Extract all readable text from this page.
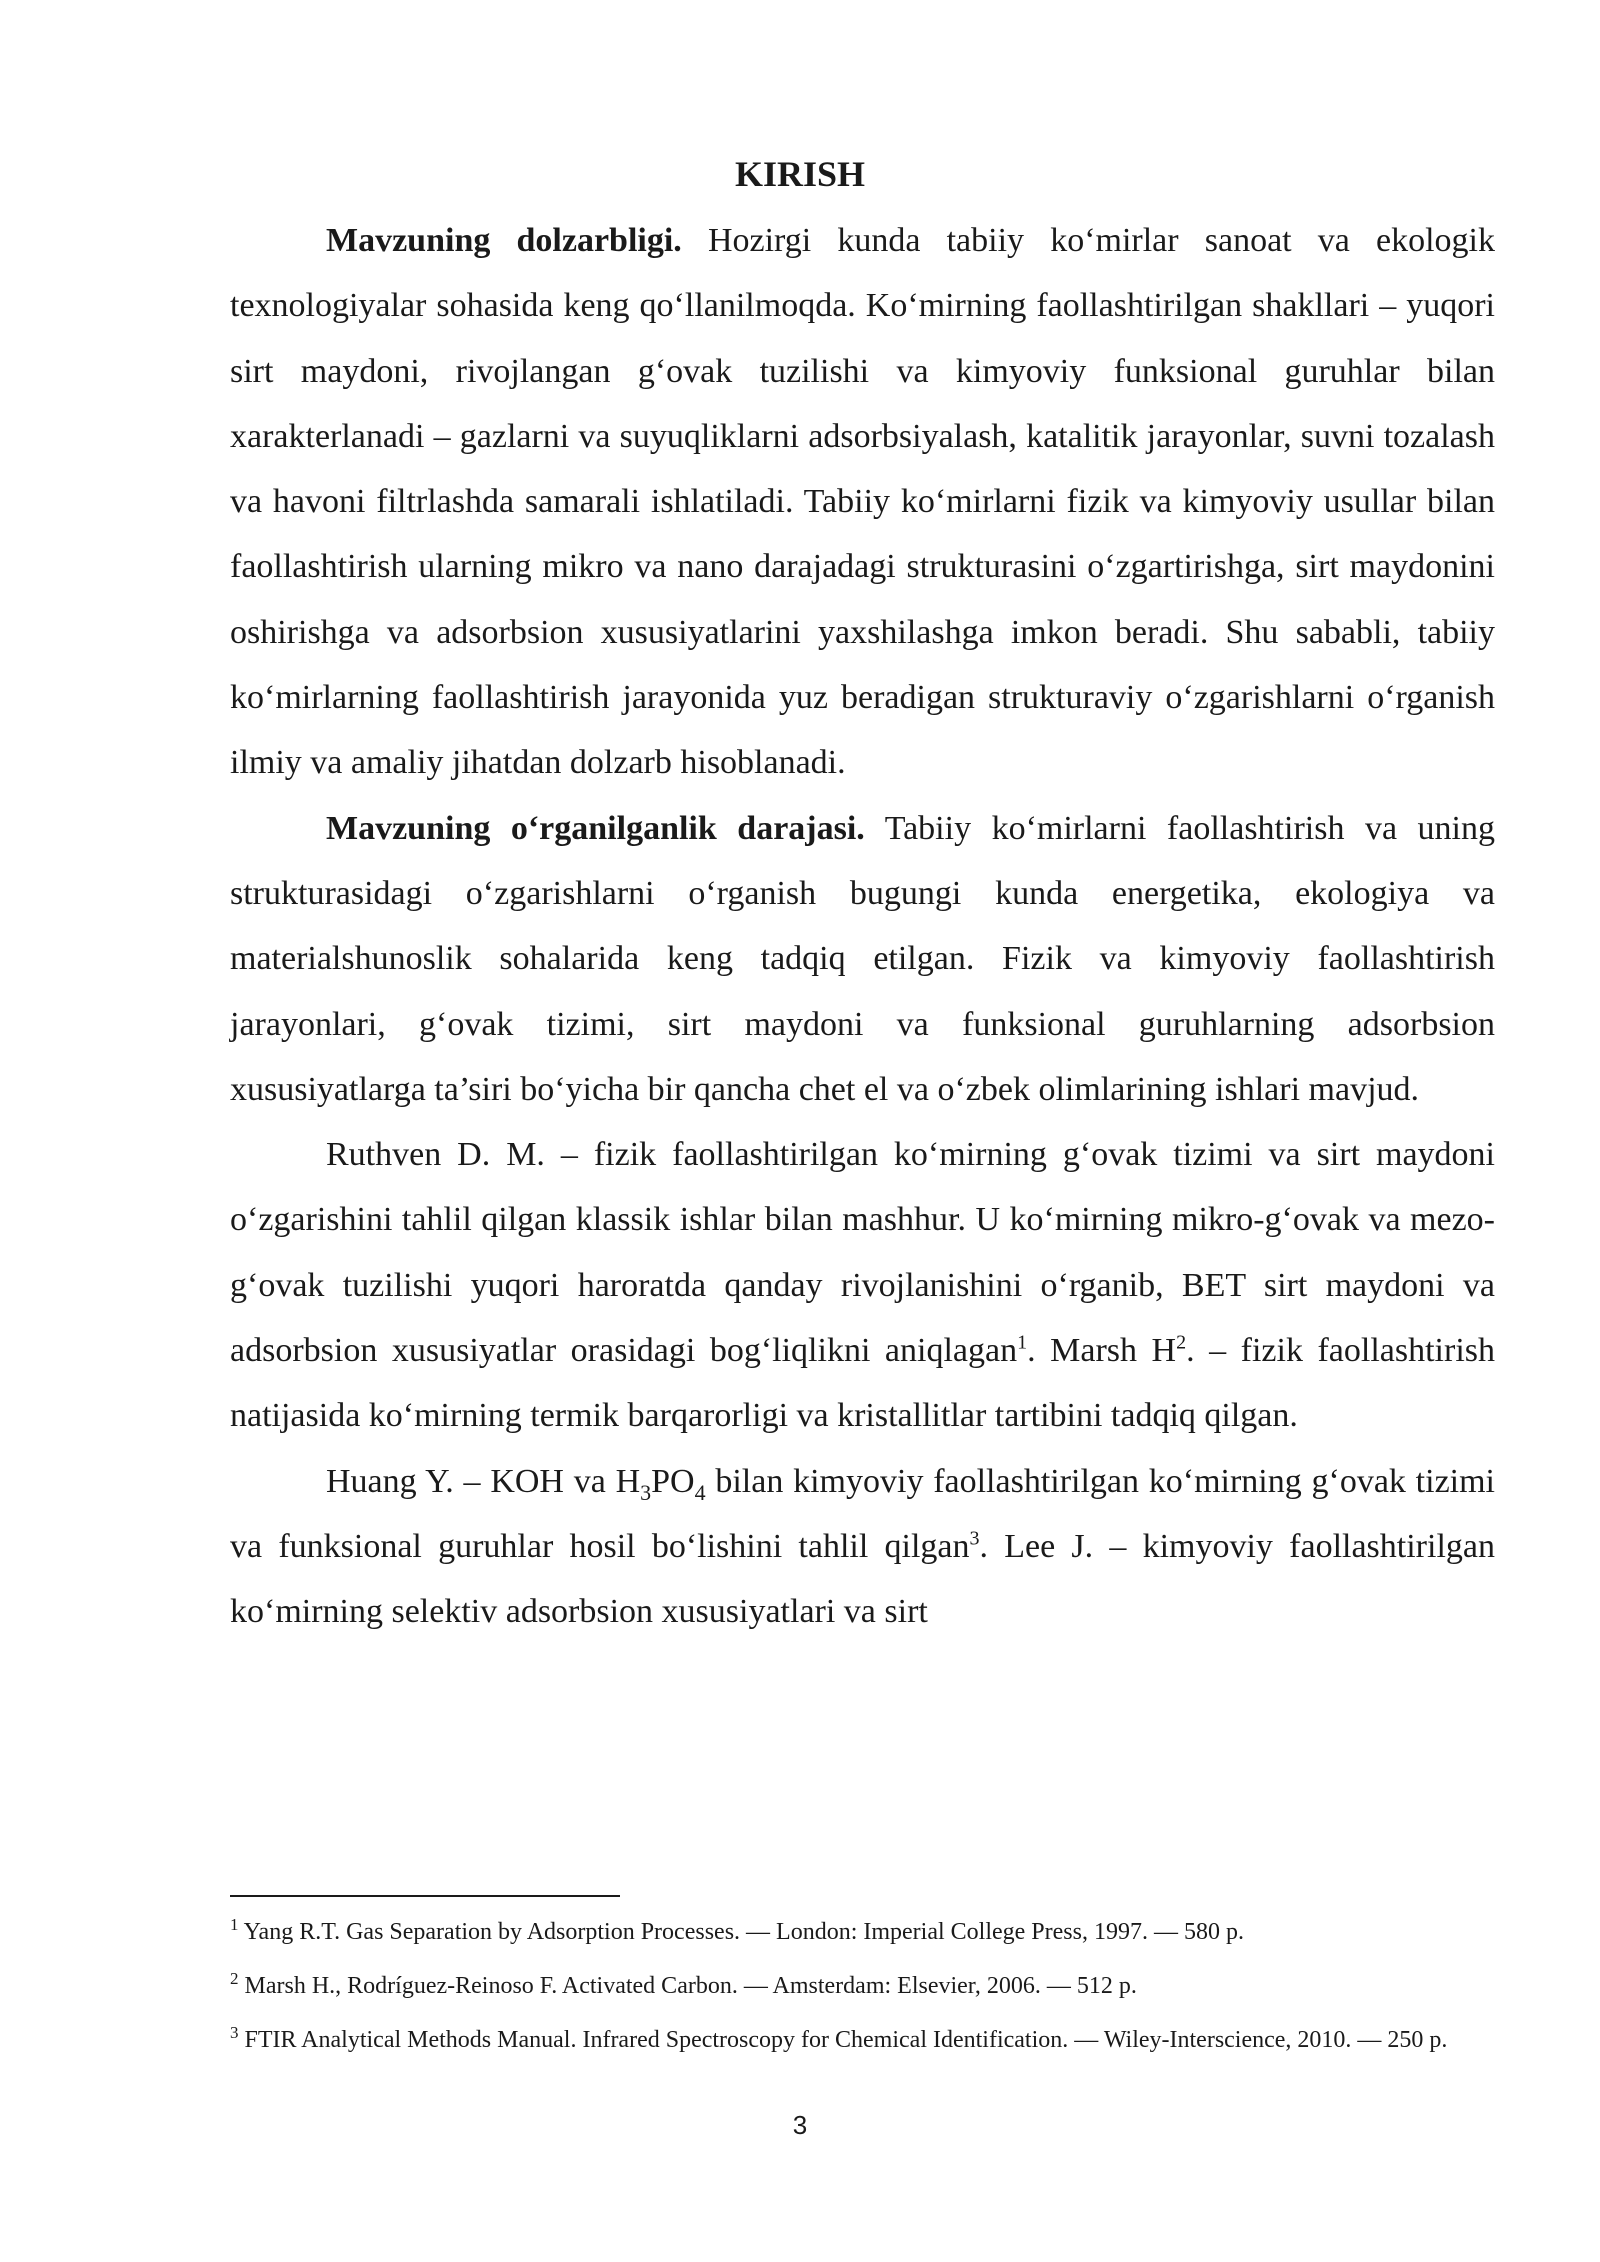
KIRISH

Mavzuning dolzarbligi. Hozirgi kunda tabiiy ko‘mirlar sanoat va ekologik texnologiyalar sohasida keng qo‘llanilmoqda. Ko‘mirning faollashtirilgan shakllari – yuqori sirt maydoni, rivojlangan g‘ovak tuzilishi va kimyoviy funksional guruhlar bilan xarakterlanadi – gazlarni va suyuqliklarni adsorbsiyalash, katalitik jarayonlar, suvni tozalash va havoni filtrlashda samarali ishlatiladi. Tabiiy ko‘mirlarni fizik va kimyoviy usullar bilan faollashtirish ularning mikro va nano darajadagi strukturasini o‘zgartirishga, sirt maydonini oshirishga va adsorbsion xususiyatlarini yaxshilashga imkon beradi. Shu sababli, tabiiy ko‘mirlarning faollashtirish jarayonida yuz beradigan strukturaviy o‘zgarishlarni o‘rganish ilmiy va amaliy jihatdan dolzarb hisoblanadi.

Mavzuning o‘rganilganlik darajasi. Tabiiy ko‘mirlarni faollashtirish va uning strukturasidagi o‘zgarishlarni o‘rganish bugungi kunda energetika, ekologiya va materialshunoslik sohalarida keng tadqiq etilgan. Fizik va kimyoviy faollashtirish jarayonlari, g‘ovak tizimi, sirt maydoni va funksional guruhlarning adsorbsion xususiyatlarga ta’siri bo‘yicha bir qancha chet el va o‘zbek olimlarining ishlari mavjud.

Ruthven D. M. – fizik faollashtirilgan ko‘mirning g‘ovak tizimi va sirt maydoni o‘zgarishini tahlil qilgan klassik ishlar bilan mashhur. U ko‘mirning mikro-g‘ovak va mezo-g‘ovak tuzilishi yuqori haroratda qanday rivojlanishini o‘rganib, BET sirt maydoni va adsorbsion xususiyatlar orasidagi bog‘liqlikni aniqlagan$^1$. Marsh $H^2$. – fizik faollashtirish natijasida ko‘mirning termik barqarorligi va kristallitlar tartibini tadqiq qilgan.

Huang Y. – KOH va $H_3PO_4$ bilan kimyoviy faollashtirilgan ko‘mirning g‘ovak tizimi va funksional guruhlar hosil bo‘lishini tahlil qilgan$^3$. Lee J. – kimyoviy faollashtirilgan ko‘mirning selektiv adsorbsion xususiyatlari va sirt

$^1$ Yang R.T. Gas Separation by Adsorption Processes. — London: Imperial College Press, 1997. — 580 p.

$^2$ Marsh H., Rodríguez-Reinoso F. Activated Carbon. — Amsterdam: Elsevier, 2006. — 512 p.

$^3$ FTIR Analytical Methods Manual. Infrared Spectroscopy for Chemical Identification. — Wiley-Interscience, 2010. — 250 p.

3
